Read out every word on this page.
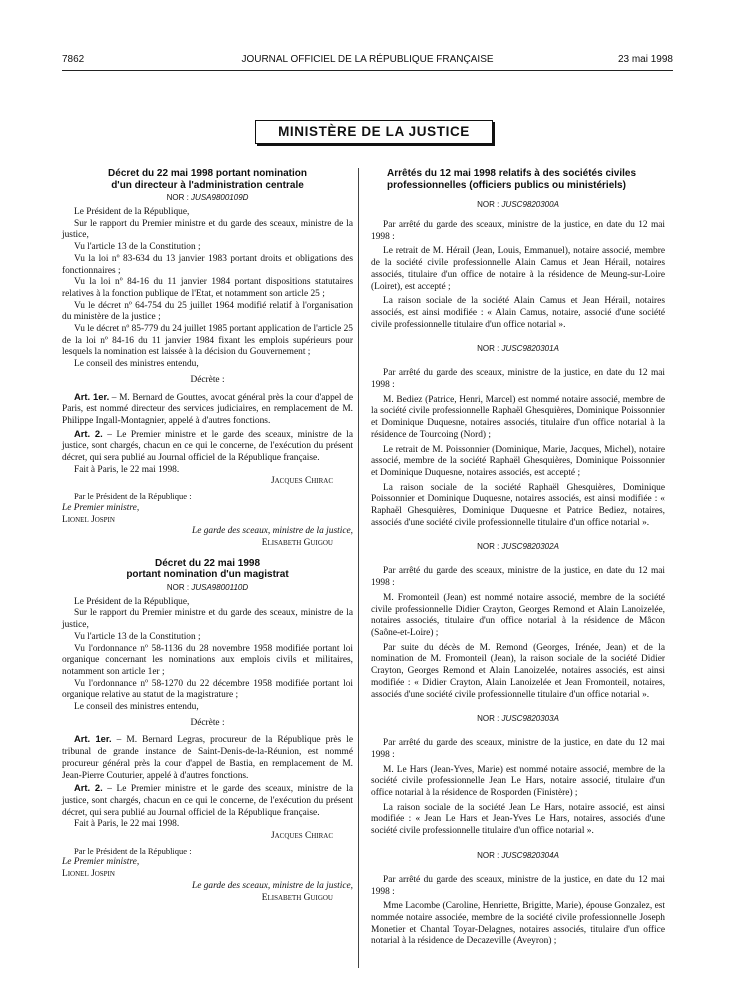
7862	JOURNAL OFFICIEL DE LA RÉPUBLIQUE FRANÇAISE	23 mai 1998
MINISTÈRE DE LA JUSTICE
Décret du 22 mai 1998 portant nomination
d'un directeur à l'administration centrale
NOR : JUSA9800109D

Le Président de la République,

Sur le rapport du Premier ministre et du garde des sceaux, ministre de la justice,

Vu l'article 13 de la Constitution ;

Vu la loi nº 83-634 du 13 janvier 1983 portant droits et obligations des fonctionnaires ;

Vu la loi nº 84-16 du 11 janvier 1984 portant dispositions statutaires relatives à la fonction publique de l'Etat, et notamment son article 25 ;

Vu le décret nº 64-754 du 25 juillet 1964 modifié relatif à l'organisation du ministère de la justice ;

Vu le décret nº 85-779 du 24 juillet 1985 portant application de l'article 25 de la loi nº 84-16 du 11 janvier 1984 fixant les emplois supérieurs pour lesquels la nomination est laissée à la décision du Gouvernement ;

Le conseil des ministres entendu,

Décrète :

Art. 1er. – M. Bernard de Gouttes, avocat général près la cour d'appel de Paris, est nommé directeur des services judiciaires, en remplacement de M. Philippe Ingall-Montagnier, appelé à d'autres fonctions.

Art. 2. – Le Premier ministre et le garde des sceaux, ministre de la justice, sont chargés, chacun en ce qui le concerne, de l'exécution du présent décret, qui sera publié au Journal officiel de la République française.

Fait à Paris, le 22 mai 1998.

Jacques Chirac

Par le Président de la République :

Le Premier ministre,

Lionel Jospin

Le garde des sceaux, ministre de la justice,

Elisabeth Guigou

Décret du 22 mai 1998
portant nomination d'un magistrat
NOR : JUSA9800110D

Le Président de la République,

Sur le rapport du Premier ministre et du garde des sceaux, ministre de la justice,

Vu l'article 13 de la Constitution ;

Vu l'ordonnance nº 58-1136 du 28 novembre 1958 modifiée portant loi organique concernant les nominations aux emplois civils et militaires, notamment son article 1er ;

Vu l'ordonnance nº 58-1270 du 22 décembre 1958 modifiée portant loi organique relative au statut de la magistrature ;

Le conseil des ministres entendu,

Décrète :

Art. 1er. – M. Bernard Legras, procureur de la République près le tribunal de grande instance de Saint-Denis-de-la-Réunion, est nommé procureur général près la cour d'appel de Bastia, en remplacement de M. Jean-Pierre Couturier, appelé à d'autres fonctions.

Art. 2. – Le Premier ministre et le garde des sceaux, ministre de la justice, sont chargés, chacun en ce qui le concerne, de l'exécution du présent décret, qui sera publié au Journal officiel de la République française.

Fait à Paris, le 22 mai 1998.

Jacques Chirac

Par le Président de la République :

Le Premier ministre,

Lionel Jospin

Le garde des sceaux, ministre de la justice,

Elisabeth Guigou

Arrêtés du 12 mai 1998 relatifs à des sociétés civiles professionnelles (officiers publics ou ministériels)
NOR : JUSC9820300A

Par arrêté du garde des sceaux, ministre de la justice, en date du 12 mai 1998 :

Le retrait de M. Hérail (Jean, Louis, Emmanuel), notaire associé, membre de la société civile professionnelle Alain Camus et Jean Hérail, notaires associés, titulaire d'un office de notaire à la résidence de Meung-sur-Loire (Loiret), est accepté ;

La raison sociale de la société Alain Camus et Jean Hérail, notaires associés, est ainsi modifiée : « Alain Camus, notaire, associé d'une société civile professionnelle titulaire d'un office notarial ».

NOR : JUSC9820301A

Par arrêté du garde des sceaux, ministre de la justice, en date du 12 mai 1998 :

M. Bediez (Patrice, Henri, Marcel) est nommé notaire associé, membre de la société civile professionnelle Raphaël Ghesquières, Dominique Poissonnier et Dominique Duquesne, notaires associés, titulaire d'un office notarial à la résidence de Tourcoing (Nord) ;

Le retrait de M. Poissonnier (Dominique, Marie, Jacques, Michel), notaire associé, membre de la société Raphaël Ghesquières, Dominique Poissonnier et Dominique Duquesne, notaires associés, est accepté ;

La raison sociale de la société Raphaël Ghesquières, Dominique Poissonnier et Dominique Duquesne, notaires associés, est ainsi modifiée : « Raphaël Ghesquières, Dominique Duquesne et Patrice Bediez, notaires, associés d'une société civile professionnelle titulaire d'un office notarial ».

NOR : JUSC9820302A

Par arrêté du garde des sceaux, ministre de la justice, en date du 12 mai 1998 :

M. Fromonteil (Jean) est nommé notaire associé, membre de la société civile professionnelle Didier Crayton, Georges Remond et Alain Lanoizelée, notaires associés, titulaire d'un office notarial à la résidence de Mâcon (Saône-et-Loire) ;

Par suite du décès de M. Remond (Georges, Irénée, Jean) et de la nomination de M. Fromonteil (Jean), la raison sociale de la société Didier Crayton, Georges Remond et Alain Lanoizelée, notaires associés, est ainsi modifiée : « Didier Crayton, Alain Lanoizelée et Jean Fromonteil, notaires, associés d'une société civile professionnelle titulaire d'un office notarial ».

NOR : JUSC9820303A

Par arrêté du garde des sceaux, ministre de la justice, en date du 12 mai 1998 :

M. Le Hars (Jean-Yves, Marie) est nommé notaire associé, membre de la société civile professionnelle Jean Le Hars, notaire associé, titulaire d'un office notarial à la résidence de Rosporden (Finistère) ;

La raison sociale de la société Jean Le Hars, notaire associé, est ainsi modifiée : « Jean Le Hars et Jean-Yves Le Hars, notaires, associés d'une société civile professionnelle titulaire d'un office notarial ».

NOR : JUSC9820304A

Par arrêté du garde des sceaux, ministre de la justice, en date du 12 mai 1998 :

Mme Lacombe (Caroline, Henriette, Brigitte, Marie), épouse Gonzalez, est nommée notaire associée, membre de la société civile professionnelle Joseph Monetier et Chantal Toyar-Delagnes, notaires associés, titulaire d'un office notarial à la résidence de Decazeville (Aveyron) ;
